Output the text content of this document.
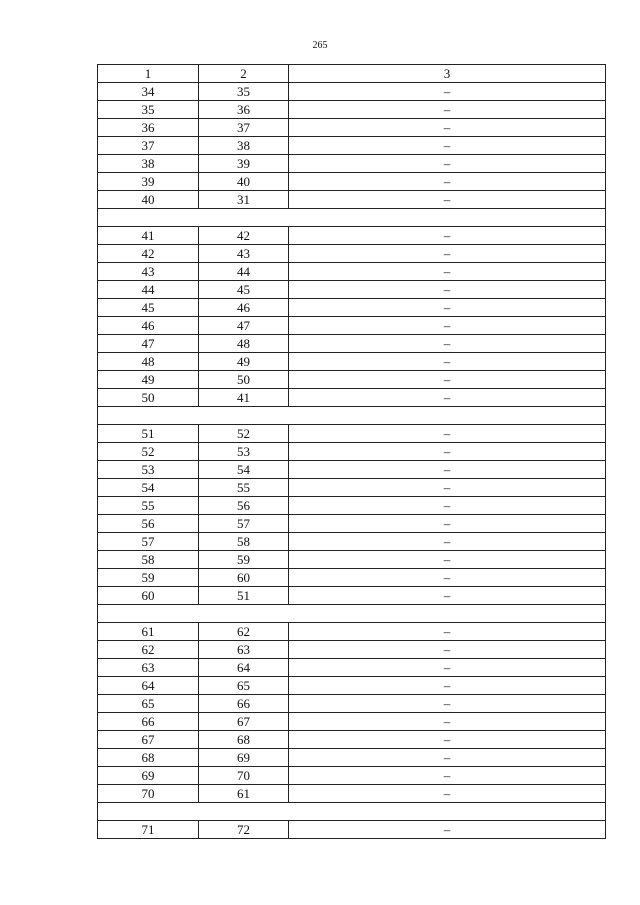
265
1	2	3
34	35	–
35	36	–
36	37	–
37	38	–
38	39	–
39	40	–
40	31	–

41	42	–
42	43	–
43	44	–
44	45	–
45	46	–
46	47	–
47	48	–
48	49	–
49	50	–
50	41	–

51	52	–
52	53	–
53	54	–
54	55	–
55	56	–
56	57	–
57	58	–
58	59	–
59	60	–
60	51	–

61	62	–
62	63	–
63	64	–
64	65	–
65	66	–
66	67	–
67	68	–
68	69	–
69	70	–
70	61	–

71	72	–
